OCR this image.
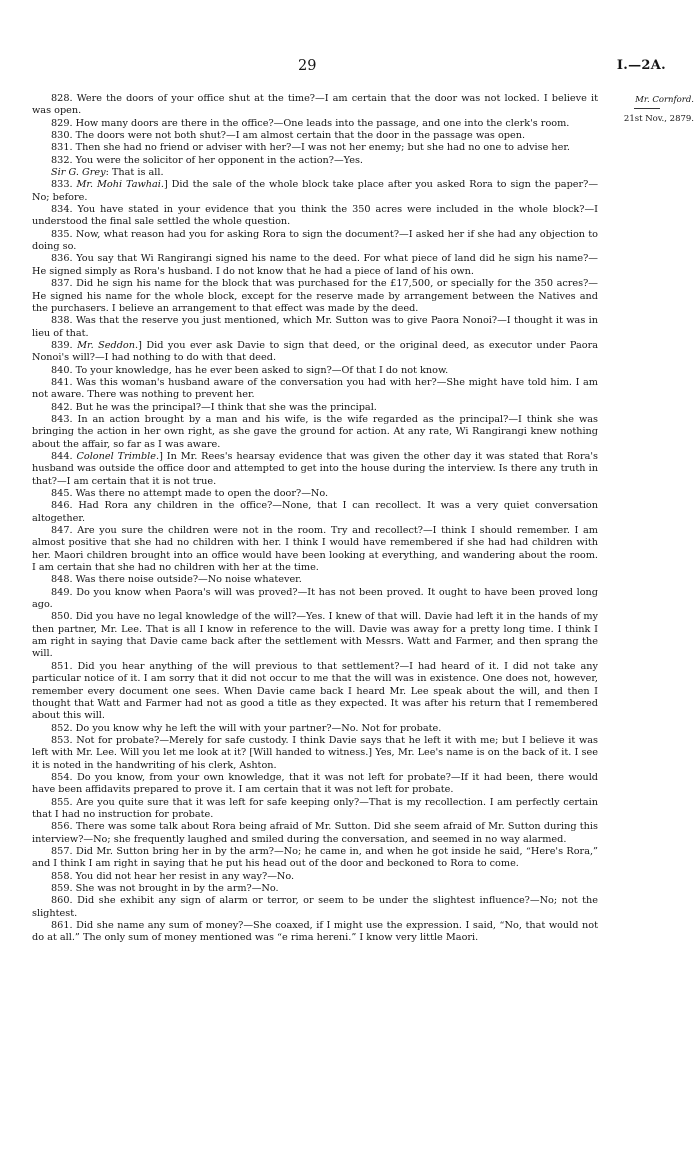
29	I.—2A.
Mr. Cornford.
21st Nov., 2879.

828. Were the doors of your office shut at the time?—I am certain that the door was not locked. I believe it was open.

829. How many doors are there in the office?—One leads into the passage, and one into the clerk's room.

830. The doors were not both shut?—I am almost certain that the door in the passage was open.

831. Then she had no friend or adviser with her?—I was not her enemy; but she had no one to advise her.

832. You were the solicitor of her opponent in the action?—Yes.

Sir G. Grey: That is all.

833. Mr. Mohi Tawhai.] Did the sale of the whole block take place after you asked Rora to sign the paper?—No; before.

834. You have stated in your evidence that you think the 350 acres were included in the whole block?—I understood the final sale settled the whole question.

835. Now, what reason had you for asking Rora to sign the document?—I asked her if she had any objection to doing so.

836. You say that Wi Rangirangi signed his name to the deed. For what piece of land did he sign his name?—He signed simply as Rora's husband. I do not know that he had a piece of land of his own.

837. Did he sign his name for the block that was purchased for the £17,500, or specially for the 350 acres?—He signed his name for the whole block, except for the reserve made by arrangement between the Natives and the purchasers. I believe an arrangement to that effect was made by the deed.

838. Was that the reserve you just mentioned, which Mr. Sutton was to give Paora Nonoi?—I thought it was in lieu of that.

839. Mr. Seddon.] Did you ever ask Davie to sign that deed, or the original deed, as executor under Paora Nonoi's will?—I had nothing to do with that deed.

840. To your knowledge, has he ever been asked to sign?—Of that I do not know.

841. Was this woman's husband aware of the conversation you had with her?—She might have told him. I am not aware. There was nothing to prevent her.

842. But he was the principal?—I think that she was the principal.

843. In an action brought by a man and his wife, is the wife regarded as the principal?—I think she was bringing the action in her own right, as she gave the ground for action. At any rate, Wi Rangirangi knew nothing about the affair, so far as I was aware.

844. Colonel Trimble.] In Mr. Rees's hearsay evidence that was given the other day it was stated that Rora's husband was outside the office door and attempted to get into the house during the interview. Is there any truth in that?—I am certain that it is not true.

845. Was there no attempt made to open the door?—No.

846. Had Rora any children in the office?—None, that I can recollect. It was a very quiet conversation altogether.

847. Are you sure the children were not in the room. Try and recollect?—I think I should remember. I am almost positive that she had no children with her. I think I would have remembered if she had had children with her. Maori children brought into an office would have been looking at everything, and wandering about the room. I am certain that she had no children with her at the time.

848. Was there noise outside?—No noise whatever.

849. Do you know when Paora's will was proved?—It has not been proved. It ought to have been proved long ago.

850. Did you have no legal knowledge of the will?—Yes. I knew of that will. Davie had left it in the hands of my then partner, Mr. Lee. That is all I know in reference to the will. Davie was away for a pretty long time. I think I am right in saying that Davie came back after the settlement with Messrs. Watt and Farmer, and then sprang the will.

851. Did you hear anything of the will previous to that settlement?—I had heard of it. I did not take any particular notice of it. I am sorry that it did not occur to me that the will was in existence. One does not, however, remember every document one sees. When Davie came back I heard Mr. Lee speak about the will, and then I thought that Watt and Farmer had not as good a title as they expected. It was after his return that I remembered about this will.

852. Do you know why he left the will with your partner?—No. Not for probate.

853. Not for probate?—Merely for safe custody. I think Davie says that he left it with me; but I believe it was left with Mr. Lee. Will you let me look at it? [Will handed to witness.] Yes, Mr. Lee's name is on the back of it. I see it is noted in the handwriting of his clerk, Ashton.

854. Do you know, from your own knowledge, that it was not left for probate?—If it had been, there would have been affidavits prepared to prove it. I am certain that it was not left for probate.

855. Are you quite sure that it was left for safe keeping only?—That is my recollection. I am perfectly certain that I had no instruction for probate.

856. There was some talk about Rora being afraid of Mr. Sutton. Did she seem afraid of Mr. Sutton during this interview?—No; she frequently laughed and smiled during the conversation, and seemed in no way alarmed.

857. Did Mr. Sutton bring her in by the arm?—No; he came in, and when he got inside he said, “Here's Rora,” and I think I am right in saying that he put his head out of the door and beckoned to Rora to come.

858. You did not hear her resist in any way?—No.

859. She was not brought in by the arm?—No.

860. Did she exhibit any sign of alarm or terror, or seem to be under the slightest influence?—No; not the slightest.

861. Did she name any sum of money?—She coaxed, if I might use the expression. I said, “No, that would not do at all.” The only sum of money mentioned was “e rima hereni.” I know very little Maori.
